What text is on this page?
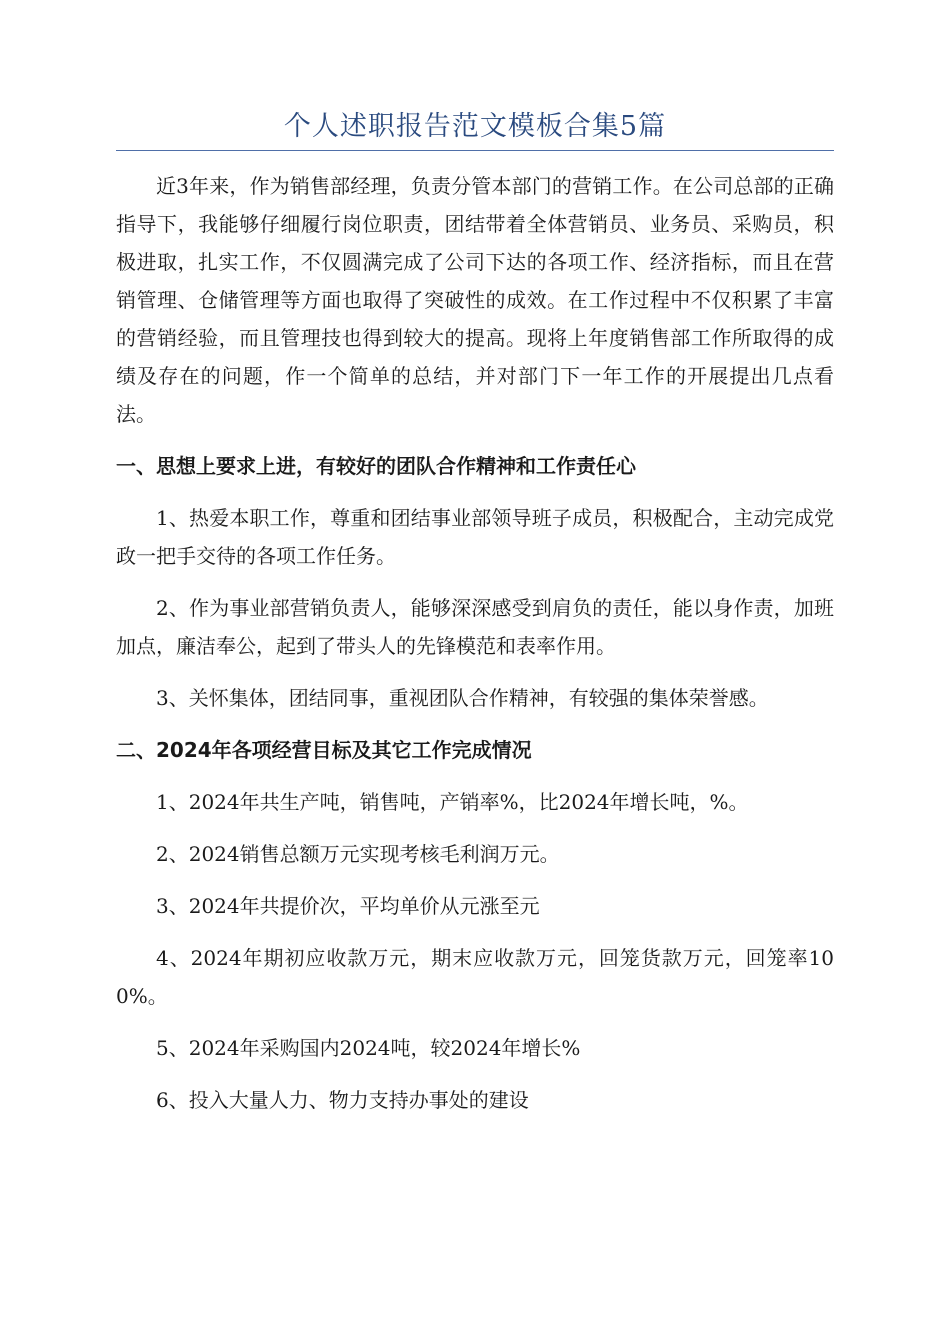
个人述职报告范文模板合集5篇

近3年来，作为销售部经理，负责分管本部门的营销工作。在公司总部的正确指导下，我能够仔细履行岗位职责，团结带着全体营销员、业务员、采购员，积极进取，扎实工作，不仅圆满完成了公司下达的各项工作、经济指标，而且在营销管理、仓储管理等方面也取得了突破性的成效。在工作过程中不仅积累了丰富的营销经验，而且管理技也得到较大的提高。现将上年度销售部工作所取得的成绩及存在的问题，作一个简单的总结，并对部门下一年工作的开展提出几点看法。

一、思想上要求上进，有较好的团队合作精神和工作责任心

1、热爱本职工作，尊重和团结事业部领导班子成员，积极配合，主动完成党政一把手交待的各项工作任务。

2、作为事业部营销负责人，能够深深感受到肩负的责任，能以身作责，加班加点，廉洁奉公，起到了带头人的先锋模范和表率作用。

3、关怀集体，团结同事，重视团队合作精神，有较强的集体荣誉感。

二、2024年各项经营目标及其它工作完成情况

1、2024年共生产吨，销售吨，产销率%，比2024年增长吨，%。

2、2024销售总额万元实现考核毛利润万元。

3、2024年共提价次，平均单价从元涨至元

4、2024年期初应收款万元，期末应收款万元，回笼货款万元，回笼率100%。

5、2024年采购国内2024吨，较2024年增长%

6、投入大量人力、物力支持办事处的建设
